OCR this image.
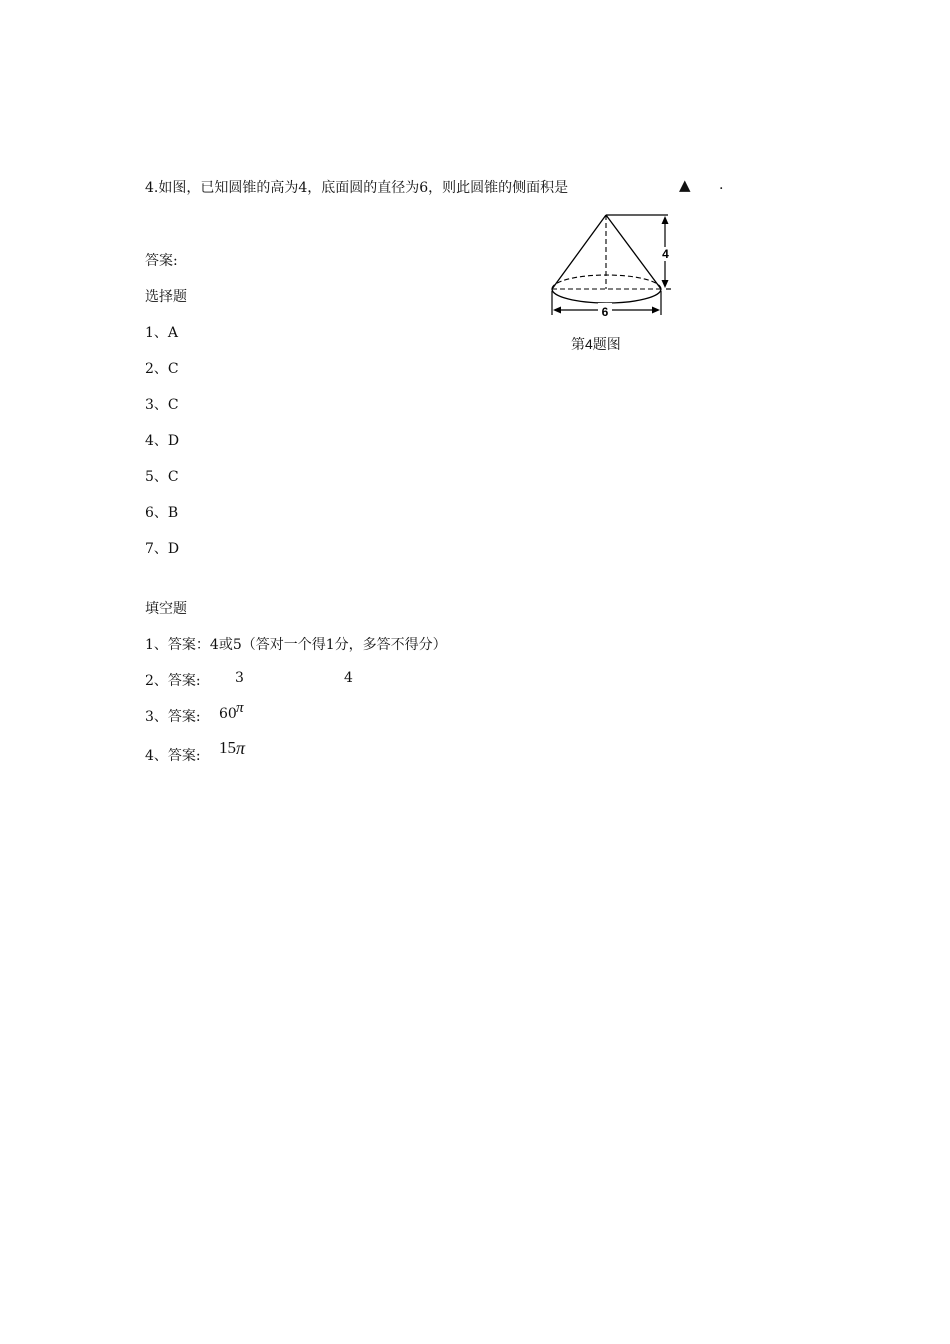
4.如图，已知圆锥的高为4，底面圆的直径为6，则此圆锥的侧面积是	▲ .
4
6
第4题图
答案:
选择题
1、A
2、C
3、C
4、D
5、C
6、B
7、D
填空题
1、答案：4或5（答对一个得1分，多答不得分）
2、答案: 3	4
3、答案: 60 π
4、答案: 15 π
